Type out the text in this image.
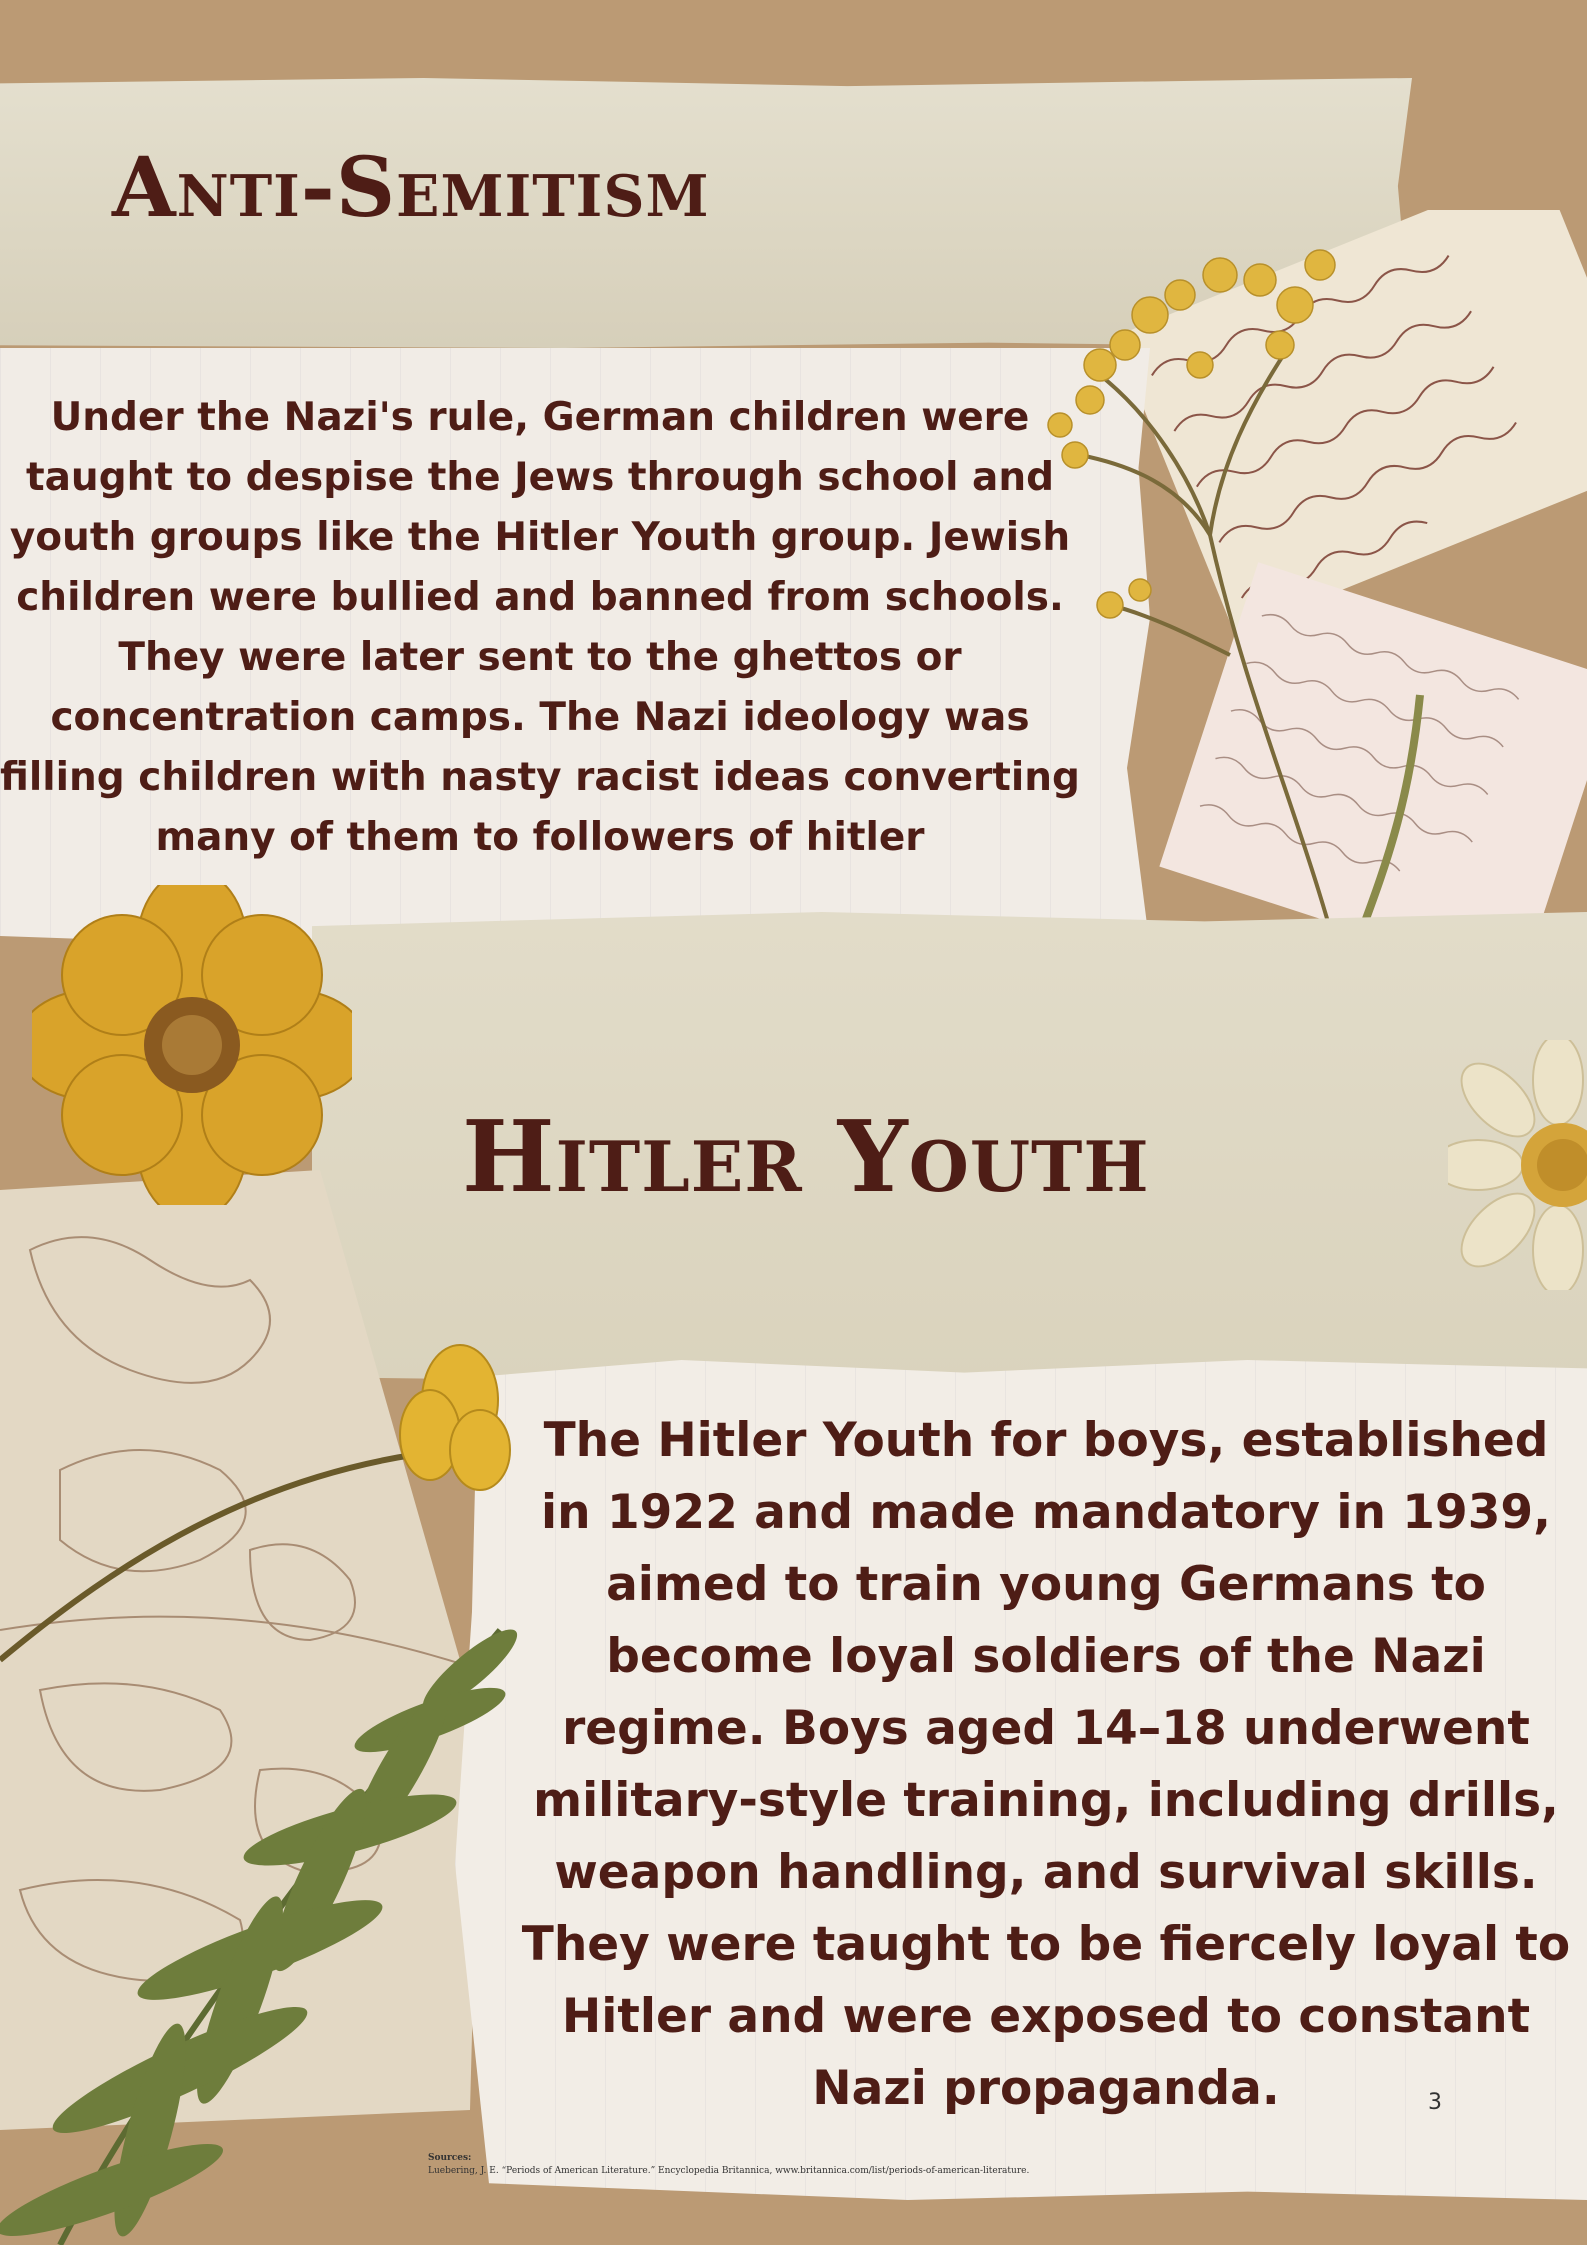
Anti-Semitism

Under the Nazi's rule, German children were taught to despise the Jews through school and youth groups like the Hitler Youth group. Jewish children were bullied and banned from schools. They were later sent to the ghettos or concentration camps. The Nazi ideology was filling children with nasty racist ideas converting many of them to followers of hitler

Hitler Youth

The Hitler Youth for boys, established in 1922 and made mandatory in 1939, aimed to train young Germans to become loyal soldiers of the Nazi regime. Boys aged 14–18 underwent military-style training, including drills, weapon handling, and survival skills. They were taught to be fiercely loyal to Hitler and were exposed to constant Nazi propaganda.	3
Sources:
Luebering, J. E. “Periods of American Literature.” Encyclopedia Britannica, www.britannica.com/list/periods-of-american-literature.
